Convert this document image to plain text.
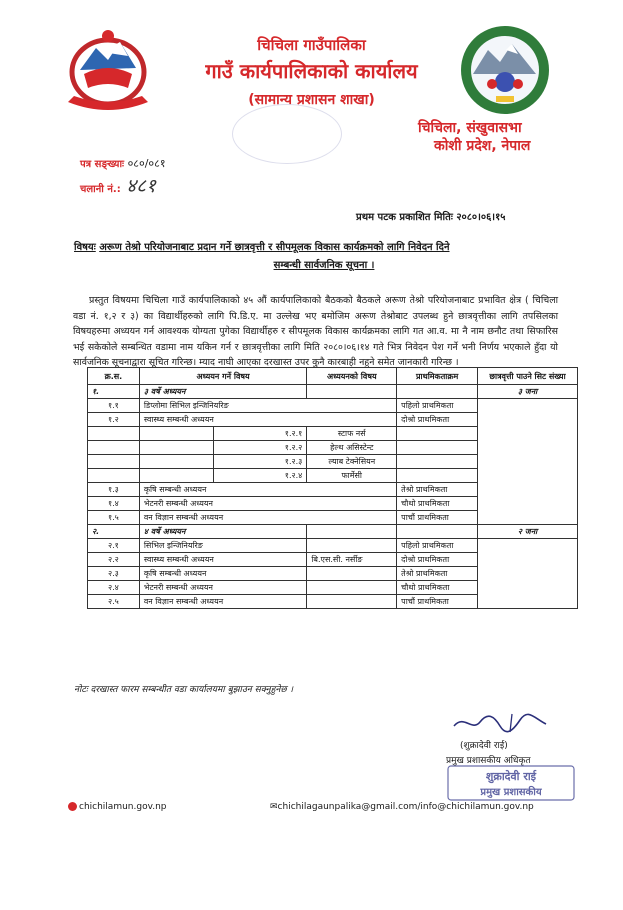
चिचिला गाउँपालिका
गाउँ कार्यपालिकाको कार्यालय
(सामान्य प्रशासन शाखा)
चिचिला, संखुवासभा
कोशी प्रदेश, नेपाल
पत्र सङ्ख्याः ०८०/०८१
चलानी नं.: ४८१
प्रथम पटक प्रकाशित मितिः २०८०।०६।१५
विषयः अरूण तेश्रो परियोजनाबाट प्रदान गर्ने छात्रवृत्ती र सीपमूलक विकास कार्यक्रमको लागि निवेदन दिने
सम्बन्धी सार्वजनिक सूचना ।

प्रस्तुत विषयमा चिचिला गाउँ कार्यपालिकाको ४५ औं कार्यपालिकाको बैठकको बैठकले अरूण तेश्रो परियोजनाबाट प्रभावित क्षेत्र ( चिचिला वडा नं. १,२ र ३) का विद्यार्थीहरुको लागि पि.डि.ए. मा उल्लेख भए बमोजिम अरूण तेश्रोबाट उपलब्ध हुने छात्रवृत्तीका लागि तपसिलका विषयहरुमा अध्ययन गर्न आवश्यक योग्यता पुगेका विद्यार्थीहरु र सीपमूलक विकास कार्यक्रमका लागि गत आ.व. मा नै नाम छनौट तथा सिफारिस भई सकेकोले सम्बन्धित वडामा नाम यकिन गर्न र छात्रवृत्तीका लागि मिति २०८०।०६।१४ गते भित्र निवेदन पेश गर्ने भनी निर्णय भएकाले हुँदा यो सार्वजनिक सूचनाद्वारा सूचित गरिन्छ। म्याद नाघी आएका दरखास्त उपर कुनै कारबाही नहुने समेत जानकारी गरिन्छ ।

क्र.स.	अध्ययन गर्ने विषय		अध्ययनको विषय	प्राथमिकताक्रम	छात्रवृत्ती पाउने सिट संख्या
१.	३ वर्षे अध्ययन				३ जना
१.१	डिप्लोमा सिभिल इन्जिनियरिङ			पहिलो प्राथमिकता	
१.२	स्वास्थ्य सम्बन्धी अध्ययन			दोश्रो प्राथमिकता	
		१.२.१	स्टाफ नर्स		
		१.२.२	हेल्थ असिस्टेन्ट		
		१.२.३	ल्याब टेक्नेसियन		
		१.२.४	फार्मेसी		
१.३	कृषि सम्बन्धी अध्ययन			तेश्रो प्राथमिकता	
१.४	भेटनरी सम्बन्धी अध्ययन			चौथो प्राथमिकता	
१.५	वन विज्ञान सम्बन्धी अध्ययन			पाचौं प्राथमिकता	
२.	४ वर्षे अध्ययन				२ जना
२.१	सिभिल इन्जिनियरिङ			पहिलो प्राथमिकता	
२.२	स्वास्थ्य सम्बन्धी अध्ययन		बि.एस.सी. नर्सीङ	दोश्रो प्राथमिकता	
२.३	कृषि सम्बन्धी अध्ययन			तेश्रो प्राथमिकता	
२.४	भेटनरी सम्बन्धी अध्ययन			चौथो प्राथमिकता	
२.५	वन विज्ञान सम्बन्धी अध्ययन			पाचौं प्राथमिकता	
नोटः दरखास्त फारम सम्बन्धीत वडा कार्यालयमा बुझाउन सक्नुहुनेछ ।
(शुक्रादेवी राई)
प्रमुख प्रशासकीय अधिकृत
शुक्रादेवी राई
प्रमुख प्रशासकीय
chichilamun.gov.np	✉chichilagaunpalika@gmail.com/info@chichilamun.gov.np
